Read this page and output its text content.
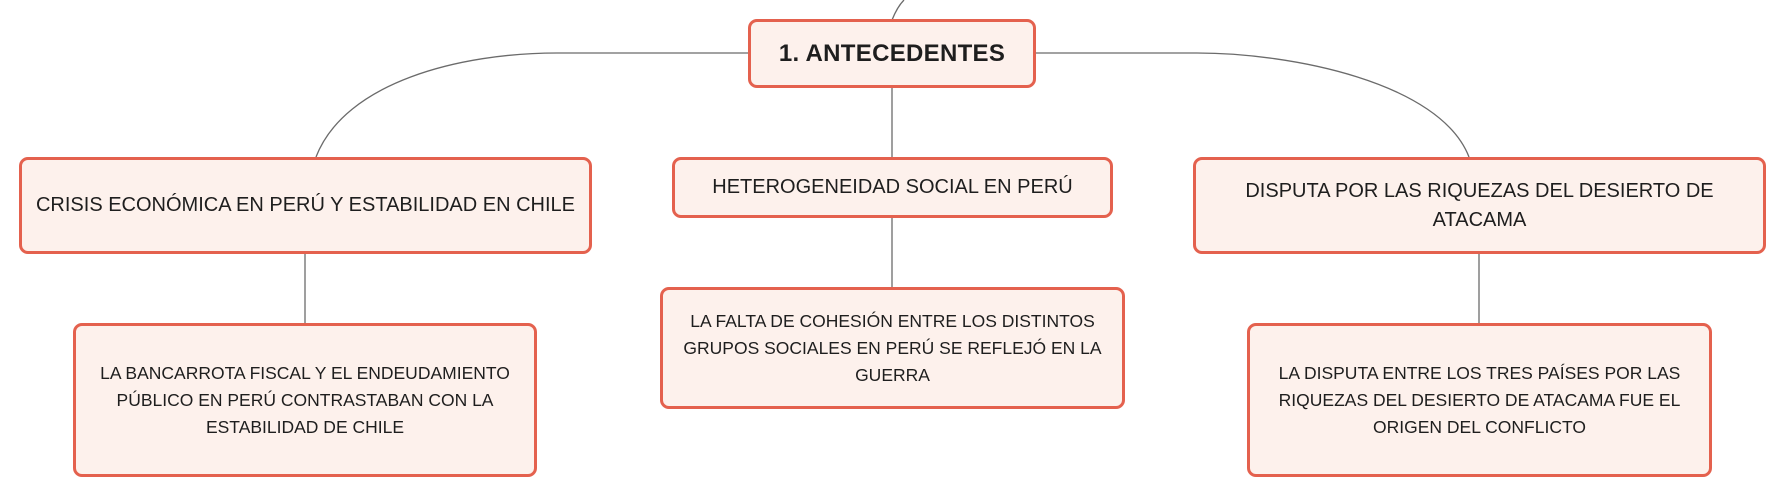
1. ANTECEDENTES
CRISIS ECONÓMICA EN PERÚ Y ESTABILIDAD EN CHILE
HETEROGENEIDAD SOCIAL EN PERÚ	DISPUTA POR LAS RIQUEZAS DEL DESIERTO DE ATACAMA
LA BANCARROTA FISCAL Y EL ENDEUDAMIENTO PÚBLICO EN PERÚ CONTRASTABAN CON LA ESTABILIDAD DE CHILE
LA FALTA DE COHESIÓN ENTRE LOS DISTINTOS GRUPOS SOCIALES EN PERÚ SE REFLEJÓ EN LA GUERRA	LA DISPUTA ENTRE LOS TRES PAÍSES POR LAS RIQUEZAS DEL DESIERTO DE ATACAMA FUE EL ORIGEN DEL CONFLICTO
